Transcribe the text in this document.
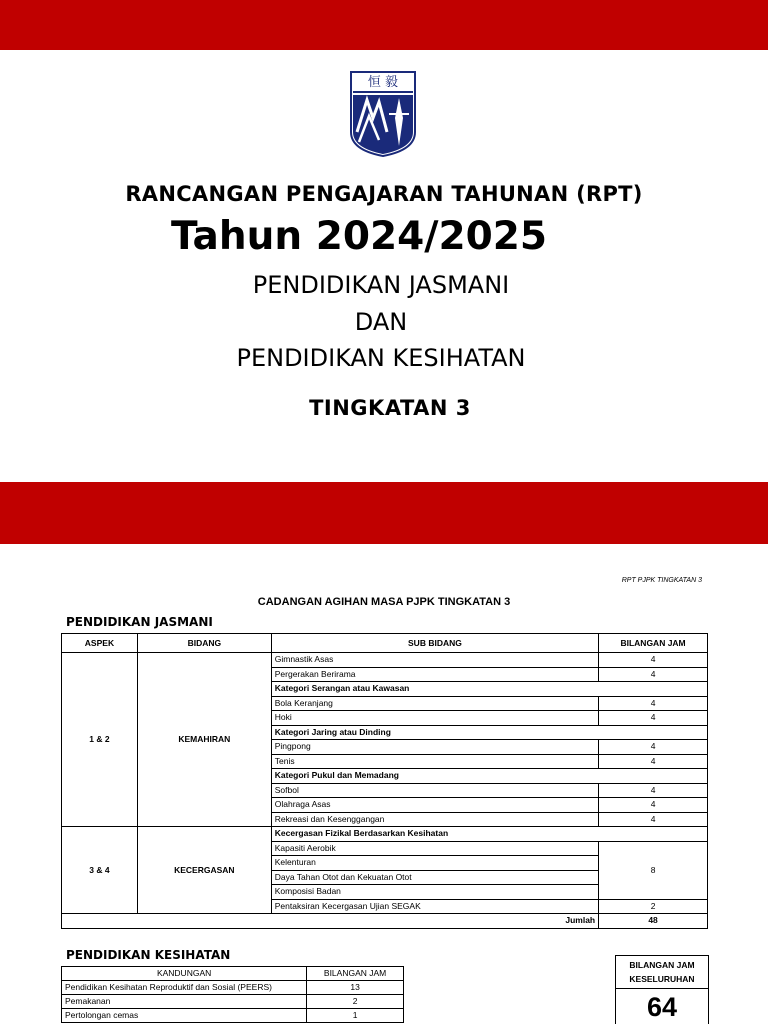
恒 毅
RANCANGAN PENGAJARAN TAHUNAN (RPT)
Tahun 2024/2025
PENDIDIKAN JASMANI
DAN
PENDIDIKAN KESIHATAN
TINGKATAN 3
RPT PJPK TINGKATAN 3
CADANGAN AGIHAN MASA PJPK TINGKATAN 3
PENDIDIKAN JASMANI
ASPEK	BIDANG	SUB BIDANG	BILANGAN JAM
1 & 2	KEMAHIRAN	Gimnastik Asas	4
		Pergerakan Berirama	4
		Kategori Serangan atau Kawasan	
		Bola Keranjang	4
		Hoki	4
		Kategori Jaring atau Dinding	
		Pingpong	4
		Tenis	4
		Kategori Pukul dan Memadang	
		Sofbol	4
		Olahraga Asas	4
		Rekreasi dan Kesenggangan	4
3 & 4	KECERGASAN	Kecergasan Fizikal Berdasarkan Kesihatan	
		Kapasiti Aerobik	8
		Kelenturan	
		Daya Tahan Otot dan Kekuatan Otot	
		Komposisi Badan	
		Pentaksiran Kecergasan Ujian SEGAK	2
Jumlah			48
PENDIDIKAN KESIHATAN
KANDUNGAN	BILANGAN JAM
Pendidikan Kesihatan Reproduktif dan Sosial (PEERS)	13
Pemakanan	2
Pertolongan cemas	1
BILANGAN JAM
KESELURUHAN
64
